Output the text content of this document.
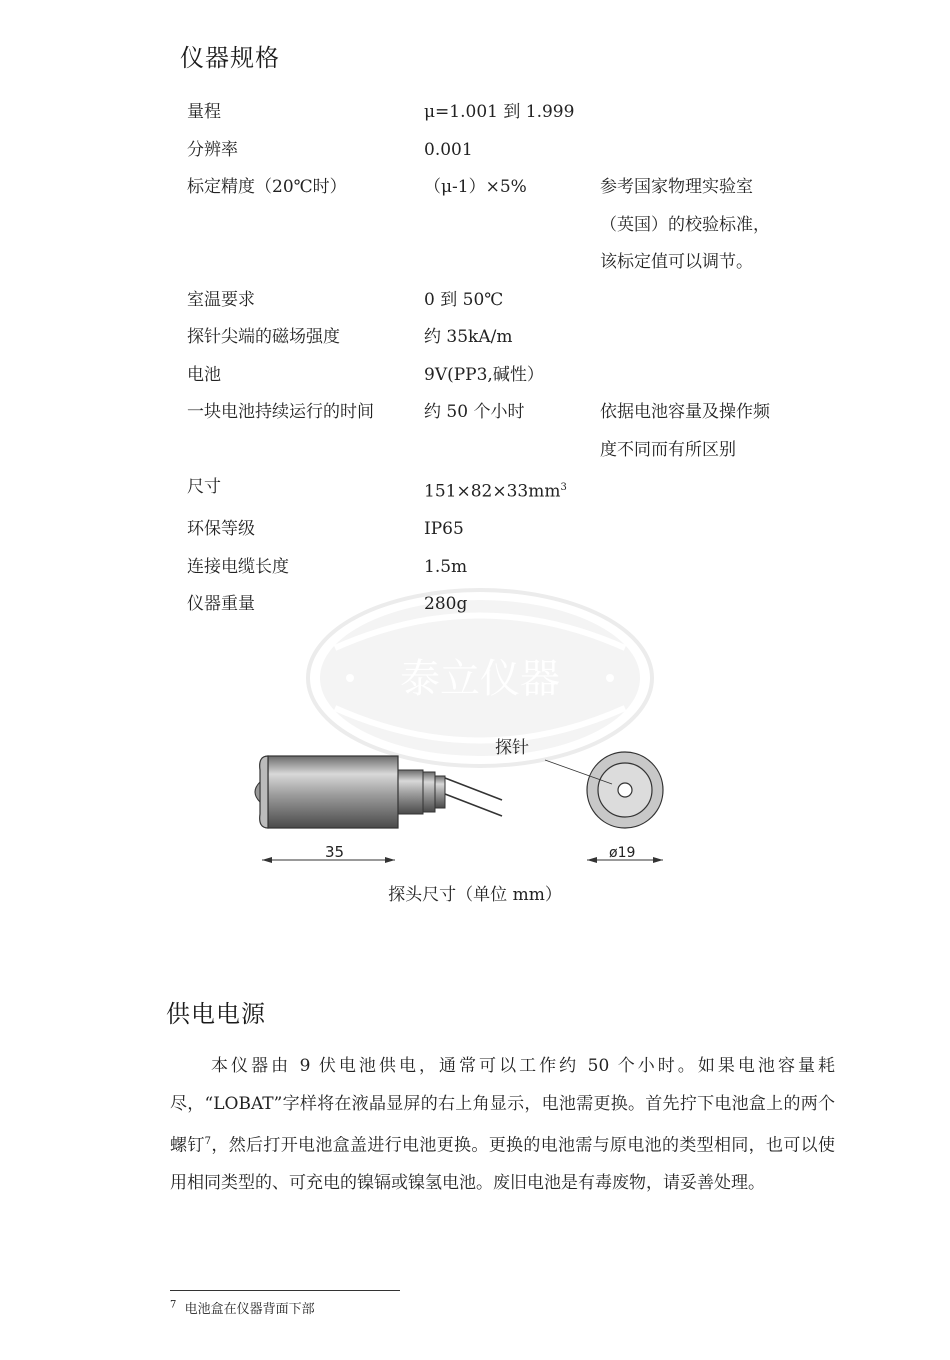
泰立仪器
仪器规格
量程	μ=1.001 到 1.999
分辨率	0.001
标定精度（20℃时）	（μ-1）×5%	参考国家物理实验室（英国）的校验标准，该标定值可以调节。
室温要求	0 到 50℃
探针尖端的磁场强度	约 35kA/m
电池	9V(PP3,碱性）
一块电池持续运行的时间	约 50 个小时	依据电池容量及操作频度不同而有所区别
尺寸	$151\times 82\times 33mm^3$
环保等级	IP65
连接电缆长度	1.5m
仪器重量	280g
35
探针
ø19
探头尺寸（单位 mm）
供电电源
本仪器由 9 伏电池供电，通常可以工作约 50 个小时。如果电池容量耗尽，“LOBAT”字样将在液晶显屏的右上角显示，电池需更换。首先拧下电池盒上的两个螺钉$^7$，然后打开电池盒盖进行电池更换。更换的电池需与原电池的类型相同，也可以使用相同类型的、可充电的镍镉或镍氢电池。废旧电池是有毒废物，请妥善处理。
$^7$ 电池盒在仪器背面下部
